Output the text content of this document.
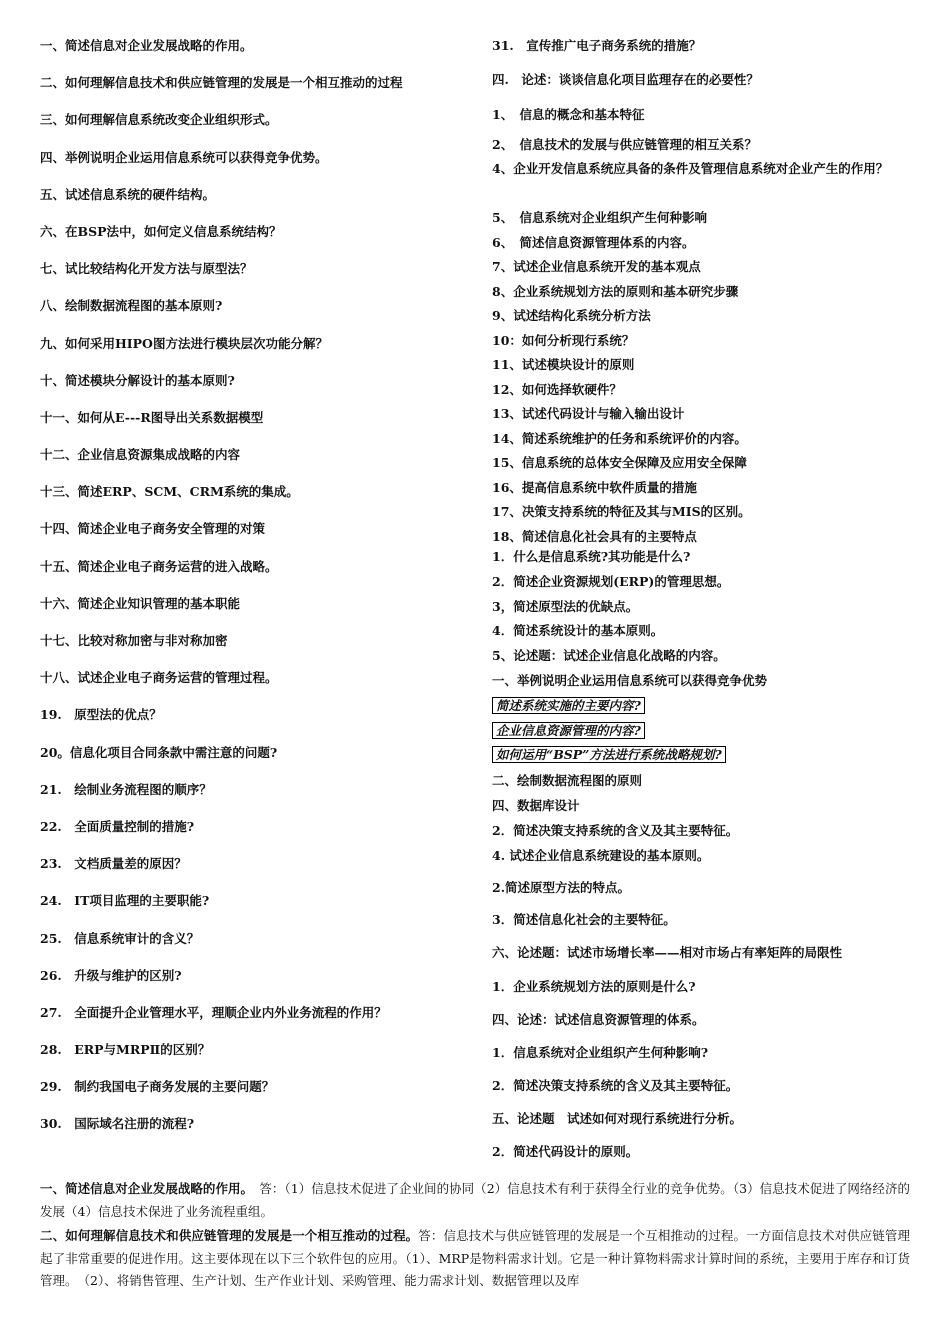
一、简述信息对企业发展战略的作用。
二、如何理解信息技术和供应链管理的发展是一个相互推动的过程
三、如何理解信息系统改变企业组织形式。
四、举例说明企业运用信息系统可以获得竞争优势。
五、试述信息系统的硬件结构。
六、在BSP法中，如何定义信息系统结构？
七、试比较结构化开发方法与原型法？
八、绘制数据流程图的基本原则?
九、如何采用HIPO图方法进行模块层次功能分解？
十、简述模块分解设计的基本原则?
十一、如何从E---R图导出关系数据模型
十二、企业信息资源集成战略的内容
十三、简述ERP、SCM、CRM系统的集成。
十四、简述企业电子商务安全管理的对策
十五、简述企业电子商务运营的进入战略。
十六、简述企业知识管理的基本职能
十七、比较对称加密与非对称加密
十八、试述企业电子商务运营的管理过程。
19.　原型法的优点？
20。信息化项目合同条款中需注意的问题?
21.　绘制业务流程图的顺序？
22.　全面质量控制的措施?
23.　文档质量差的原因？
24.　IT项目监理的主要职能?
25.　信息系统审计的含义？
26.　升级与维护的区别?
27.　全面提升企业管理水平，理顺企业内外业务流程的作用？
28.　ERP与MRPⅡ的区别？
29.　制约我国电子商务发展的主要问题？
30.　国际域名注册的流程?
31.　宣传推广电子商务系统的措施？
四.　论述：谈谈信息化项目监理存在的必要性？
1、　信息的概念和基本特征
2、　信息技术的发展与供应链管理的相互关系？
4、企业开发信息系统应具备的条件及管理信息系统对企业产生的作用？
5、　信息系统对企业组织产生何种影响
6、　简述信息资源管理体系的内容。
7、试述企业信息系统开发的基本观点
8、企业系统规划方法的原则和基本研究步骤
9、试述结构化系统分析方法
10：如何分析现行系统？
11、试述模块设计的原则
12、如何选择软硬件？
13、试述代码设计与输入输出设计
14、简述系统维护的任务和系统评价的内容。
15、信息系统的总体安全保障及应用安全保障
16、提高信息系统中软件质量的措施
17、决策支持系统的特征及其与MIS的区别。
18、简述信息化社会具有的主要特点
1．什么是信息系统?其功能是什么?
2．简述企业资源规划(ERP)的管理思想。
3，简述原型法的优缺点。
4．简述系统设计的基本原则。
5、论述题：试述企业信息化战略的内容。
一、举例说明企业运用信息系统可以获得竞争优势
简述系统实施的主要内容?
企业信息资源管理的内容?
如何运用“BSP”方法进行系统战略规划?
二、绘制数据流程图的原则
四、数据库设计
2．简述决策支持系统的含义及其主要特征。
4. 试述企业信息系统建设的基本原则。
2.简述原型方法的特点。
3．简述信息化社会的主要特征。
六、论述题：试述市场增长率——相对市场占有率矩阵的局限性
1．企业系统规划方法的原则是什么?
四、论述：试述信息资源管理的体系。
1．信息系统对企业组织产生何种影响?
2．简述决策支持系统的含义及其主要特征。
五、论述题　试述如何对现行系统进行分析。
2．简述代码设计的原则。
一、简述信息对企业发展战略的作用。　答：（1）信息技术促进了企业间的协同（2）信息技术有利于获得全行业的竞争优势。（3）信息技术促进了网络经济的发展（4）信息技术保进了业务流程重组。
二、如何理解信息技术和供应链管理的发展是一个相互推动的过程。答：信息技术与供应链管理的发展是一个互相推动的过程。一方面信息技术对供应链管理起了非常重要的促进作用。这主要体现在以下三个软件包的应用。（1）、MRP是物料需求计划。它是一种计算物料需求计算时间的系统，主要用于库存和订货管理。　（2）、将销售管理、生产计划、生产作业计划、采购管理、能力需求计划、数据管理以及库
